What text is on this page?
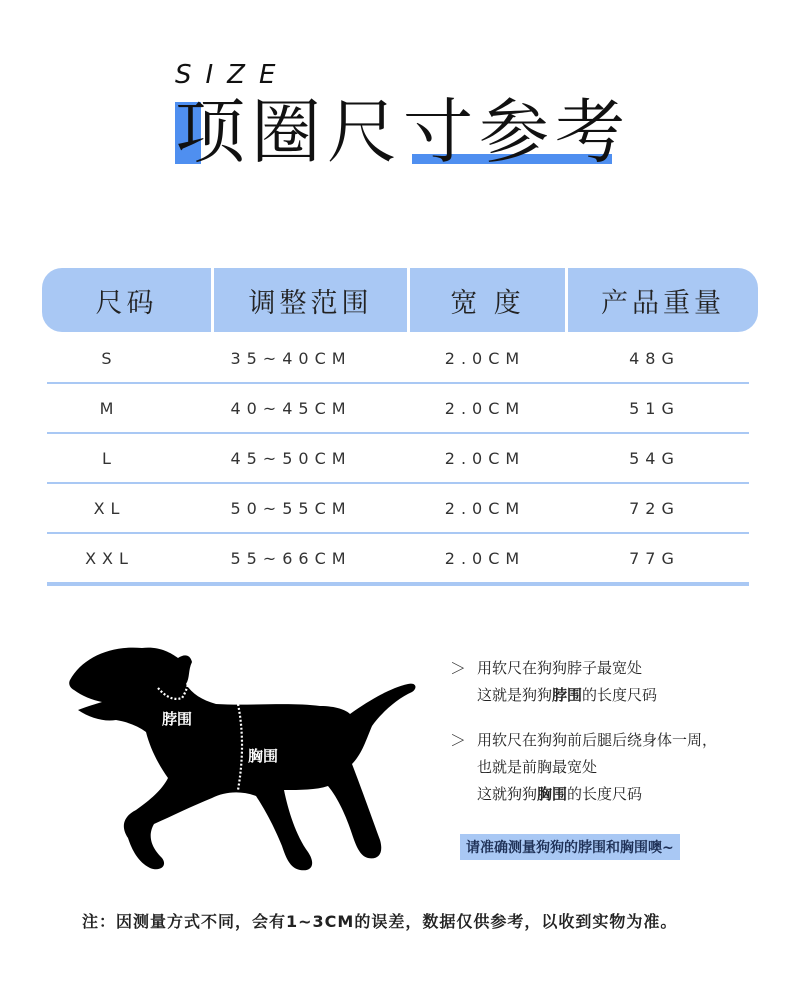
SIZE
项圈尺寸参考
尺码	调整范围	宽 度	产品重量
S	35~40CM	2.0CM	48G
M	40~45CM	2.0CM	51G
L	45~50CM	2.0CM	54G
XL	50~55CM	2.0CM	72G
XXL	55~66CM	2.0CM	77G
脖围
胸围
＞ 用软尺在狗狗脖子最宽处
这就是狗狗脖围的长度尺码
＞ 用软尺在狗狗前后腿后绕身体一周，
也就是前胸最宽处
这就狗狗胸围的长度尺码
请准确测量狗狗的脖围和胸围噢~
注：因测量方式不同，会有1~3CM的误差，数据仅供参考，以收到实物为准。
